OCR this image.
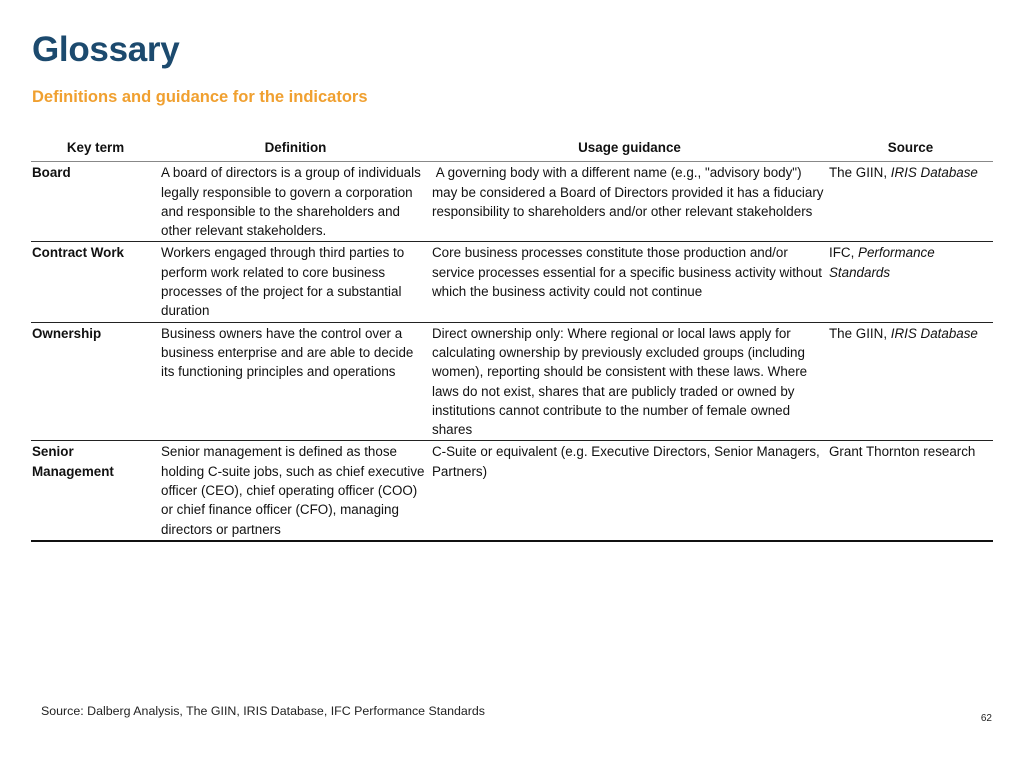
Glossary
Definitions and guidance for the indicators
Key term	Definition	Usage guidance	Source
Board	A board of directors is a group of individuals legally responsible to govern a corporation and responsible to the shareholders and other relevant stakeholders.	A governing body with a different name (e.g., "advisory body") may be considered a Board of Directors provided it has a fiduciary responsibility to shareholders and/or other relevant stakeholders	The GIIN, IRIS Database
Contract Work	Workers engaged through third parties to perform work related to core business processes of the project for a substantial duration	Core business processes constitute those production and/or service processes essential for a specific business activity without which the business activity could not continue	IFC, Performance Standards
Ownership	Business owners have the control over a business enterprise and are able to decide its functioning principles and operations	Direct ownership only: Where regional or local laws apply for calculating ownership by previously excluded groups (including women), reporting should be consistent with these laws. Where laws do not exist, shares that are publicly traded or owned by institutions cannot contribute to the number of female owned shares	The GIIN, IRIS Database
Senior Management	Senior management is defined as those holding C-suite jobs, such as chief executive officer (CEO), chief operating officer (COO) or chief finance officer (CFO), managing directors or partners	C-Suite or equivalent (e.g. Executive Directors, Senior Managers, Partners)	Grant Thornton research
Source: Dalberg Analysis, The GIIN, IRIS Database, IFC Performance Standards
62
